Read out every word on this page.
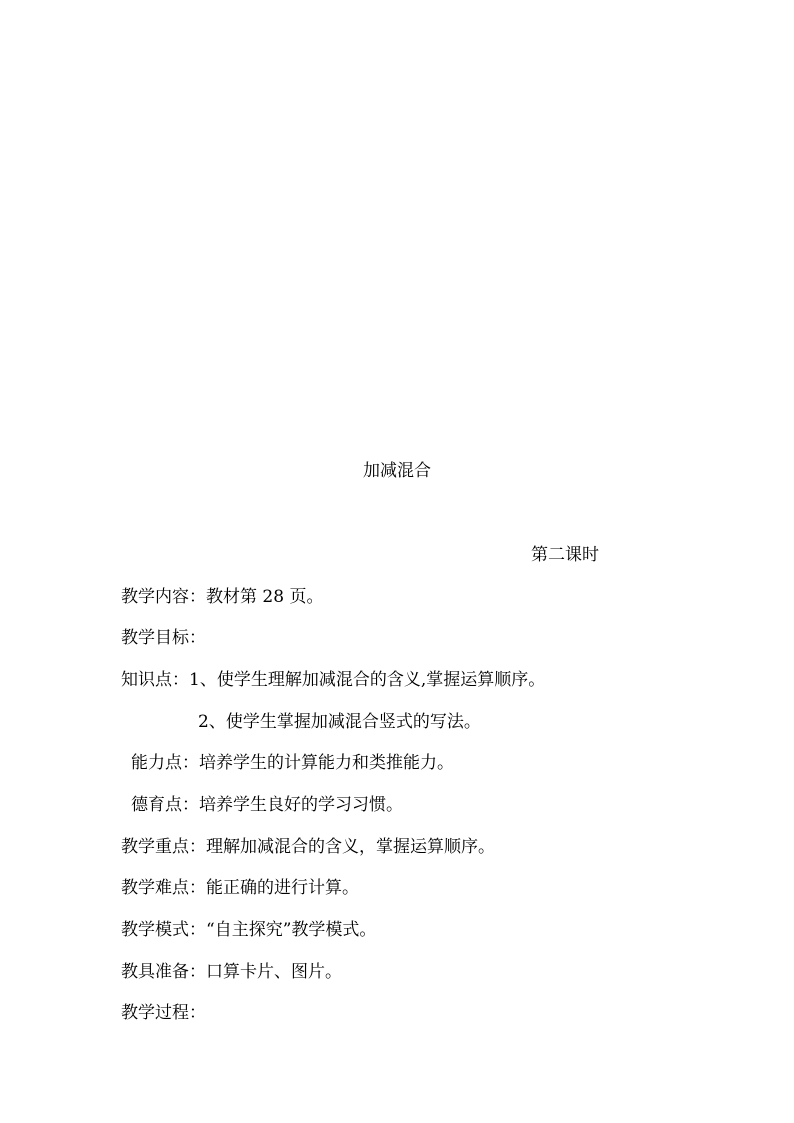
加减混合
第二课时
教学内容：教材第 28 页。
教学目标：
知识点：1、使学生理解加减混合的含义,掌握运算顺序。
2、使学生掌握加减混合竖式的写法。
能力点：培养学生的计算能力和类推能力。
德育点：培养学生良好的学习习惯。
教学重点：理解加减混合的含义，掌握运算顺序。
教学难点：能正确的进行计算。
教学模式：“自主探究”教学模式。
教具准备：口算卡片、图片。
教学过程：
